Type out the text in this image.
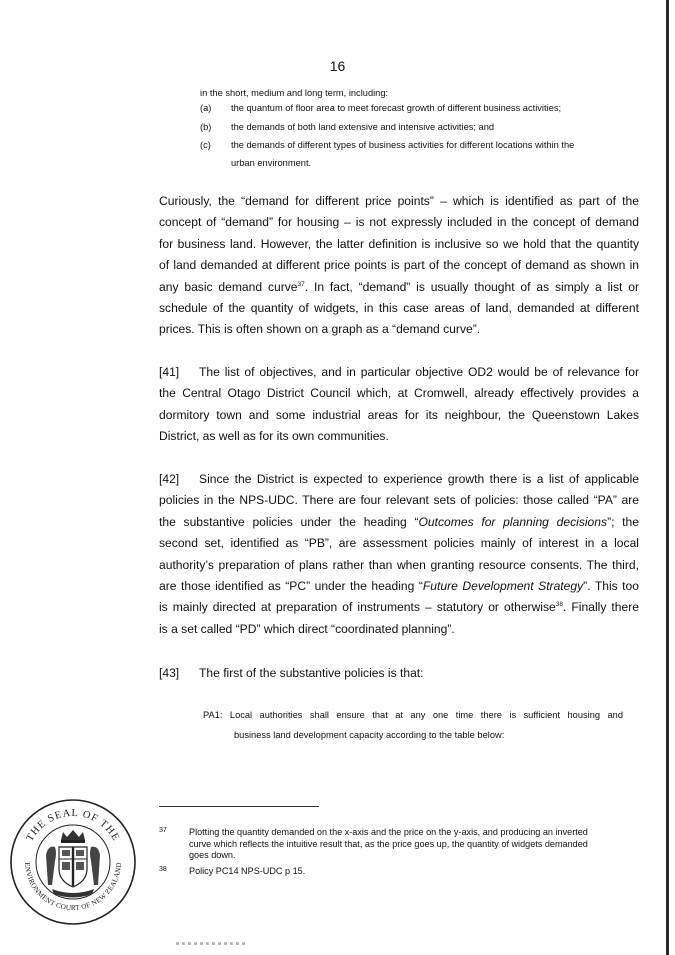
16
in the short, medium and long term, including:
(a) the quantum of floor area to meet forecast growth of different business activities;
(b) the demands of both land extensive and intensive activities; and
(c) the demands of different types of business activities for different locations within the
urban environment.
Curiously, the “demand for different price points” – which is identified as part of the
concept of “demand” for housing – is not expressly included in the concept of demand
for business land. However, the latter definition is inclusive so we hold that the quantity
of land demanded at different price points is part of the concept of demand as shown in
any basic demand curve$^{37}$. In fact, “demand” is usually thought of as simply a list or
schedule of the quantity of widgets, in this case areas of land, demanded at different
prices. This is often shown on a graph as a “demand curve”.
[41] The list of objectives, and in particular objective OD2 would be of relevance for
the Central Otago District Council which, at Cromwell, already effectively provides a
dormitory town and some industrial areas for its neighbour, the Queenstown Lakes
District, as well as for its own communities.
[42] Since the District is expected to experience growth there is a list of applicable
policies in the NPS-UDC. There are four relevant sets of policies: those called “PA” are
the substantive policies under the heading “Outcomes for planning decisions”; the
second set, identified as “PB”, are assessment policies mainly of interest in a local
authority’s preparation of plans rather than when granting resource consents. The third,
are those identified as “PC” under the heading “Future Development Strategy”. This too
is mainly directed at preparation of instruments – statutory or otherwise$^{38}$. Finally there
is a set called “PD” which direct “coordinated planning”.
[43] The first of the substantive policies is that:
PA1: Local authorities shall ensure that at any one time there is sufficient housing and
business land development capacity according to the table below:
37 Plotting the quantity demanded on the x-axis and the price on the y-axis, and producing an inverted
curve which reflects the intuitive result that, as the price goes up, the quantity of widgets demanded
goes down.
38 Policy PC14 NPS-UDC p 15.
THE SEAL OF THE
ENVIRONMENT COURT OF NEW ZEALAND
